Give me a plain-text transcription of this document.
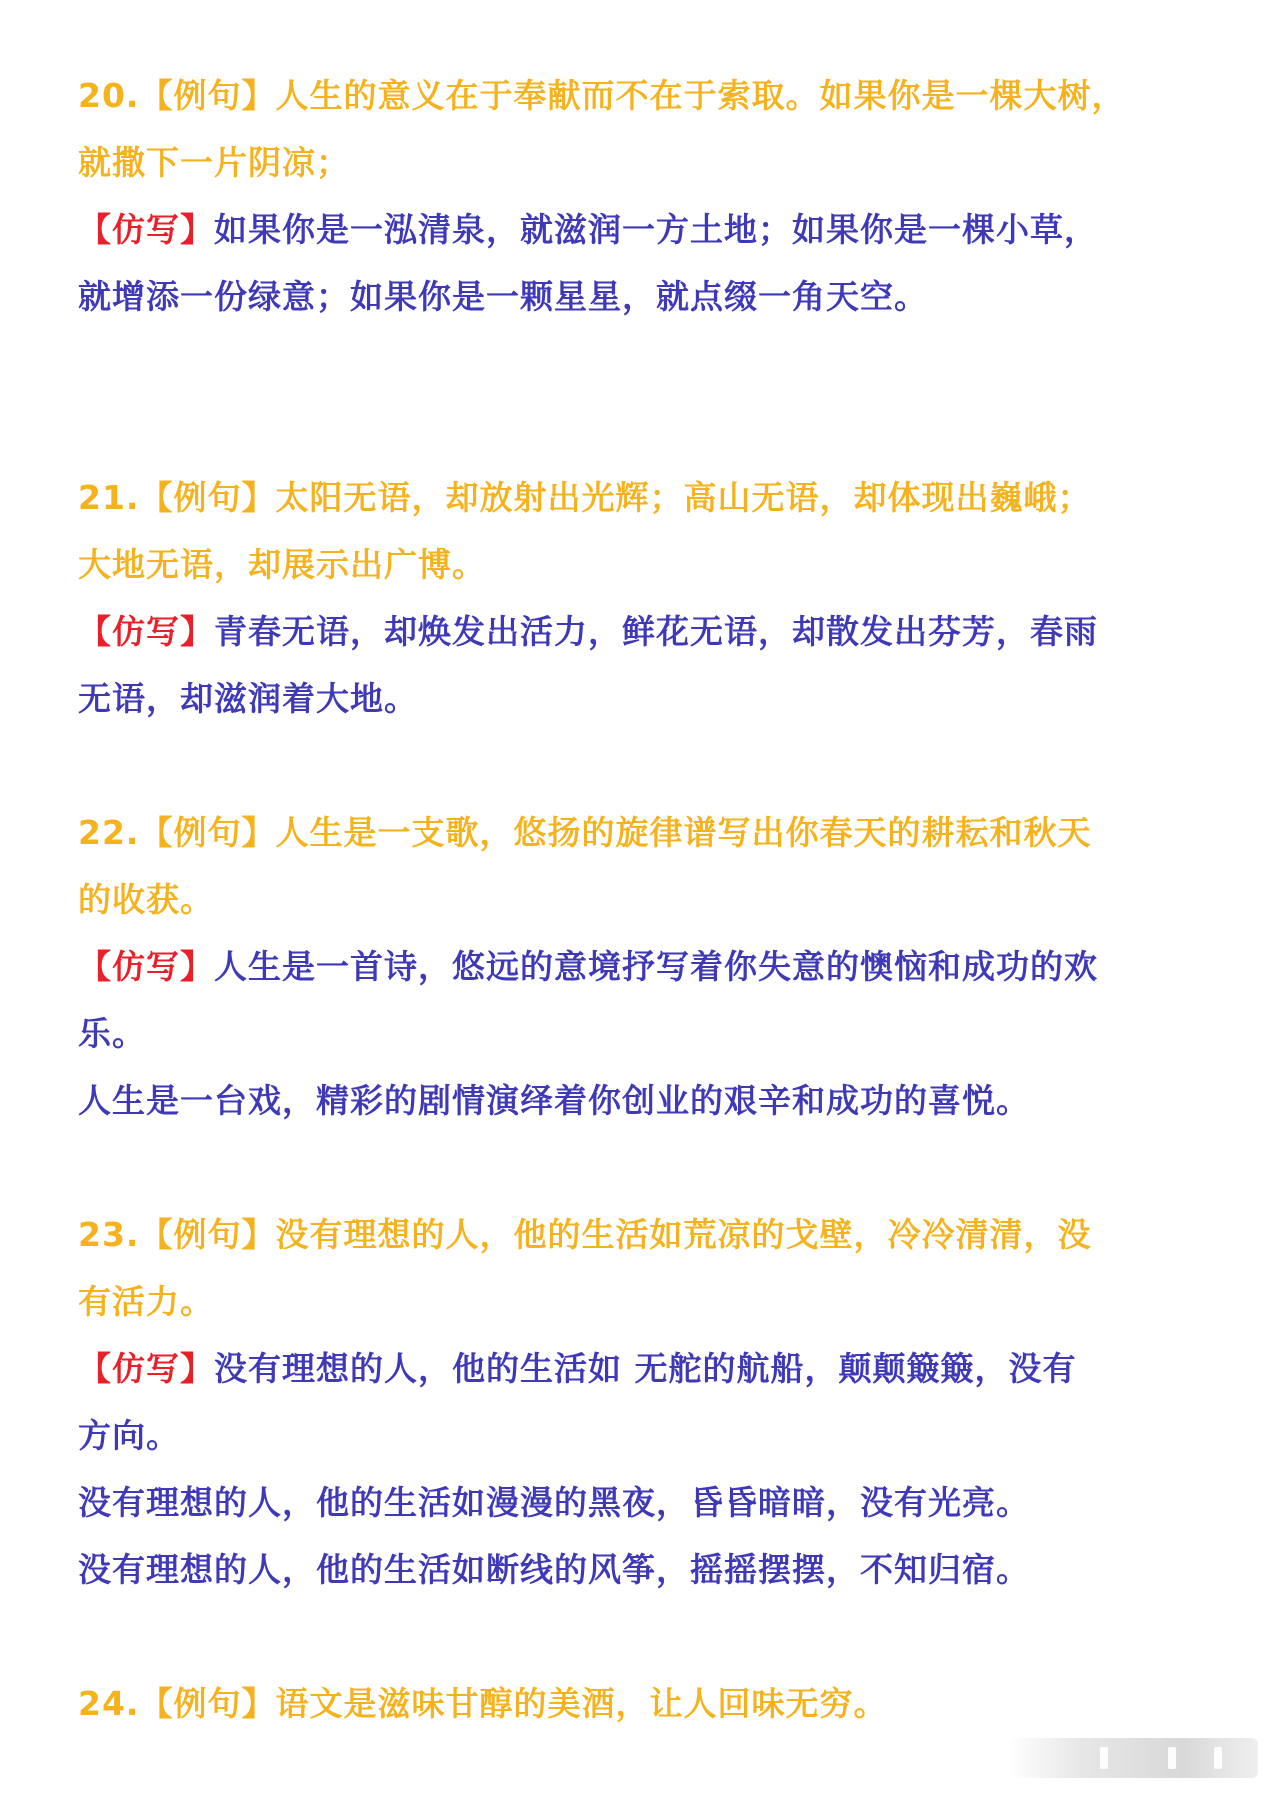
20.【例句】人生的意义在于奉献而不在于索取。如果你是一棵大树，
就撒下一片阴凉；
【仿写】如果你是一泓清泉，就滋润一方土地；如果你是一棵小草，
就增添一份绿意；如果你是一颗星星，就点缀一角天空。
21.【例句】太阳无语，却放射出光辉；高山无语，却体现出巍峨；
大地无语，却展示出广博。
【仿写】青春无语，却焕发出活力，鲜花无语，却散发出芬芳，春雨
无语，却滋润着大地。
22.【例句】人生是一支歌，悠扬的旋律谱写出你春天的耕耘和秋天
的收获。
【仿写】人生是一首诗，悠远的意境抒写着你失意的懊恼和成功的欢
乐。
人生是一台戏，精彩的剧情演绎着你创业的艰辛和成功的喜悦。
23.【例句】没有理想的人，他的生活如荒凉的戈壁，冷冷清清，没
有活力。
【仿写】没有理想的人，他的生活如 无舵的航船，颠颠簸簸，没有
方向。
没有理想的人，他的生活如漫漫的黑夜，昏昏暗暗，没有光亮。
没有理想的人，他的生活如断线的风筝，摇摇摆摆，不知归宿。
24.【例句】语文是滋味甘醇的美酒，让人回味无穷。
